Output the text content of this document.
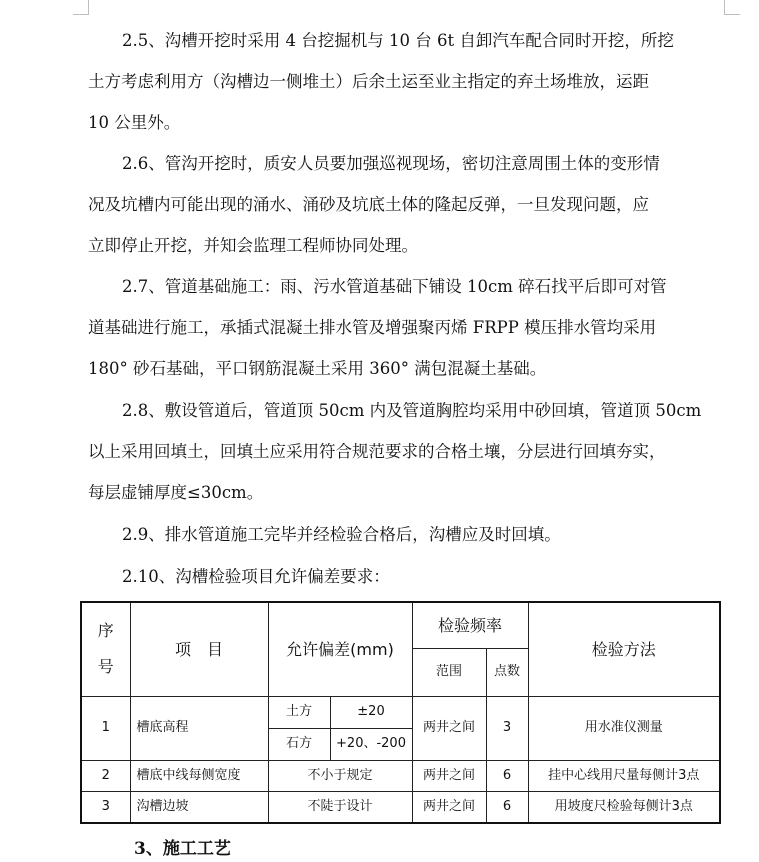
2.5、沟槽开挖时采用 4 台挖掘机与 10 台 6t 自卸汽车配合同时开挖，所挖
土方考虑利用方（沟槽边一侧堆土）后余土运至业主指定的弃土场堆放，运距
10 公里外。
2.6、管沟开挖时，质安人员要加强巡视现场，密切注意周围土体的变形情
况及坑槽内可能出现的涌水、涌砂及坑底土体的隆起反弹，一旦发现问题，应
立即停止开挖，并知会监理工程师协同处理。
2.7、管道基础施工：雨、污水管道基础下铺设 10cm 碎石找平后即可对管
道基础进行施工，承插式混凝土排水管及增强聚丙烯 FRPP 模压排水管均采用
180° 砂石基础，平口钢筋混凝土采用 360° 满包混凝土基础。
2.8、敷设管道后，管道顶 50cm 内及管道胸腔均采用中砂回填，管道顶 50cm
以上采用回填土，回填土应采用符合规范要求的合格土壤，分层进行回填夯实，
每层虚铺厚度≤30cm。
2.9、排水管道施工完毕并经检验合格后，沟槽应及时回填。
2.10、沟槽检验项目允许偏差要求：
序
号	项　目	允许偏差(mm)		检验频率		检验方法
				范围	点数	
1	槽底高程	土方	±20	两井之间	3	用水准仪测量
		石方	+20、-200			
2	槽底中线每侧宽度	不小于规定		两井之间	6	挂中心线用尺量每侧计3点
3	沟槽边坡	不陡于设计		两井之间	6	用坡度尺检验每侧计3点
3、施工工艺
